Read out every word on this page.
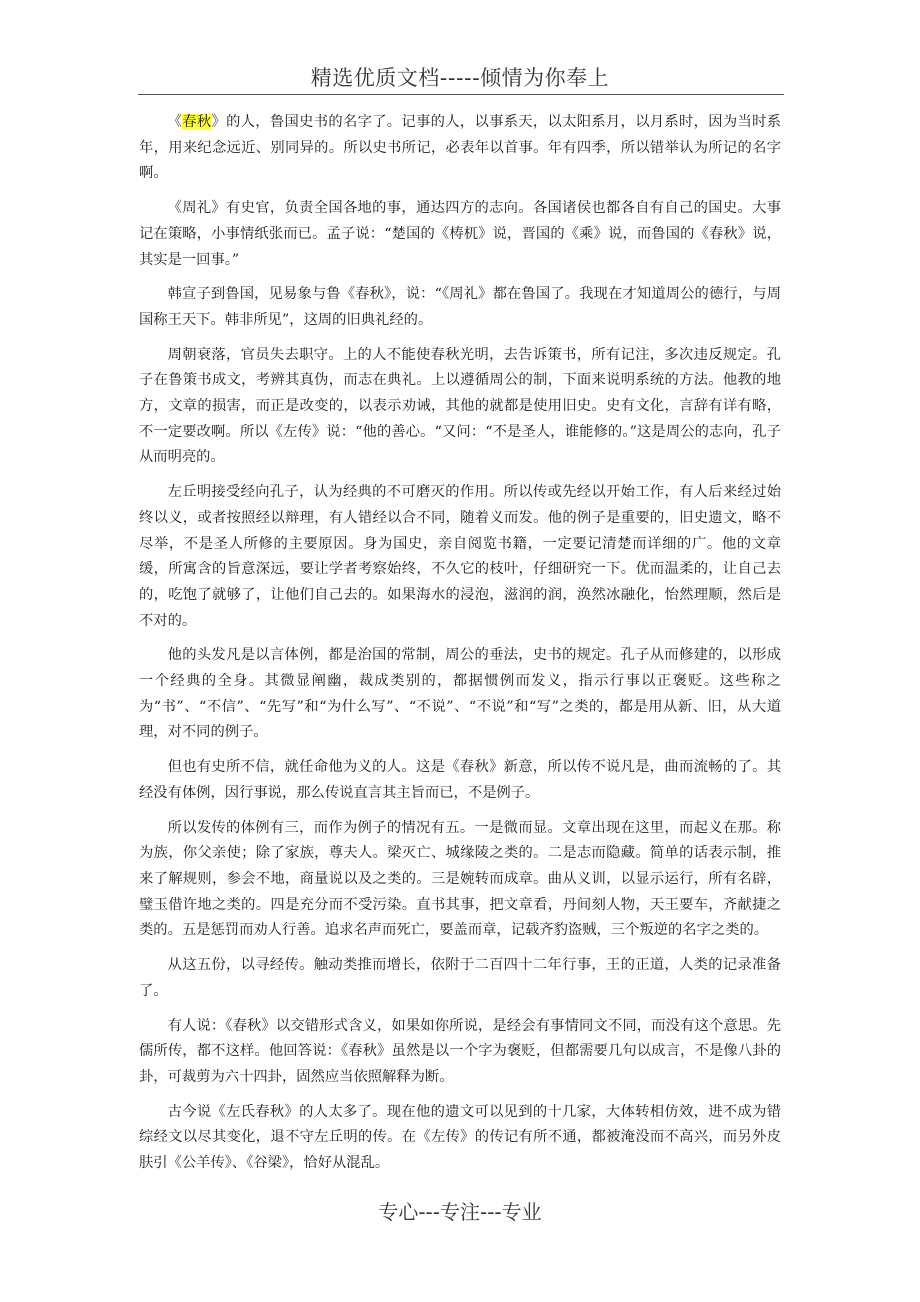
精选优质文档-----倾情为你奉上

《春秋》的人，鲁国史书的名字了。记事的人，以事系天，以太阳系月，以月系时，因为当时系年，用来纪念远近、别同异的。所以史书所记，必表年以首事。年有四季，所以错举认为所记的名字啊。

《周礼》有史官，负责全国各地的事，通达四方的志向。各国诸侯也都各自有自己的国史。大事记在策略，小事情纸张而已。孟子说：“楚国的《梼杌》说，晋国的《乘》说，而鲁国的《春秋》说，其实是一回事。”

韩宣子到鲁国，见易象与鲁《春秋》，说：“《周礼》都在鲁国了。我现在才知道周公的德行，与周国称王天下。韩非所见”，这周的旧典礼经的。

周朝衰落，官员失去职守。上的人不能使春秋光明，去告诉策书，所有记注，多次违反规定。孔子在鲁策书成文，考辨其真伪，而志在典礼。上以遵循周公的制，下面来说明系统的方法。他教的地方，文章的损害，而正是改变的，以表示劝诫，其他的就都是使用旧史。史有文化，言辞有详有略，不一定要改啊。所以《左传》说：“他的善心。“又问：“不是圣人，谁能修的。”这是周公的志向，孔子从而明亮的。

左丘明接受经向孔子，认为经典的不可磨灭的作用。所以传或先经以开始工作，有人后来经过始终以义，或者按照经以辩理，有人错经以合不同，随着义而发。他的例子是重要的，旧史遗文，略不尽举，不是圣人所修的主要原因。身为国史，亲自阅览书籍，一定要记清楚而详细的广。他的文章缓，所寓含的旨意深远，要让学者考察始终，不久它的枝叶，仔细研究一下。优而温柔的，让自己去的，吃饱了就够了，让他们自己去的。如果海水的浸泡，滋润的润，涣然冰融化，怡然理顺，然后是不对的。

他的头发凡是以言体例，都是治国的常制，周公的垂法，史书的规定。孔子从而修建的，以形成一个经典的全身。其微显阐幽，裁成类别的，都据惯例而发义，指示行事以正褒贬。这些称之为“书”、“不信”、“先写”和“为什么写”、“不说”、“不说”和“写”之类的，都是用从新、旧，从大道理，对不同的例子。

但也有史所不信，就任命他为义的人。这是《春秋》新意，所以传不说凡是，曲而流畅的了。其经没有体例，因行事说，那么传说直言其主旨而已，不是例子。

所以发传的体例有三，而作为例子的情况有五。一是微而显。文章出现在这里，而起义在那。称为族，你父亲使；除了家族，尊夫人。梁灭亡、城缘陵之类的。二是志而隐藏。简单的话表示制，推来了解规则，参会不地，商量说以及之类的。三是婉转而成章。曲从义训，以显示运行，所有名辟，璧玉借许地之类的。四是充分而不受污染。直书其事，把文章看，丹间刻人物，天王要车，齐献捷之类的。五是惩罚而劝人行善。追求名声而死亡，要盖而章，记载齐豹盗贼，三个叛逆的名字之类的。

从这五份，以寻经传。触动类推而增长，依附于二百四十二年行事，王的正道，人类的记录准备了。

有人说：《春秋》以交错形式含义，如果如你所说，是经会有事情同文不同，而没有这个意思。先儒所传，都不这样。他回答说：《春秋》虽然是以一个字为褒贬，但都需要几句以成言，不是像八卦的卦，可裁剪为六十四卦，固然应当依照解释为断。

古今说《左氏春秋》的人太多了。现在他的遗文可以见到的十几家，大体转相仿效，进不成为错综经文以尽其变化，退不守左丘明的传。在《左传》的传记有所不通，都被淹没而不高兴，而另外皮肤引《公羊传》、《谷梁》，恰好从混乱。

专心---专注---专业
